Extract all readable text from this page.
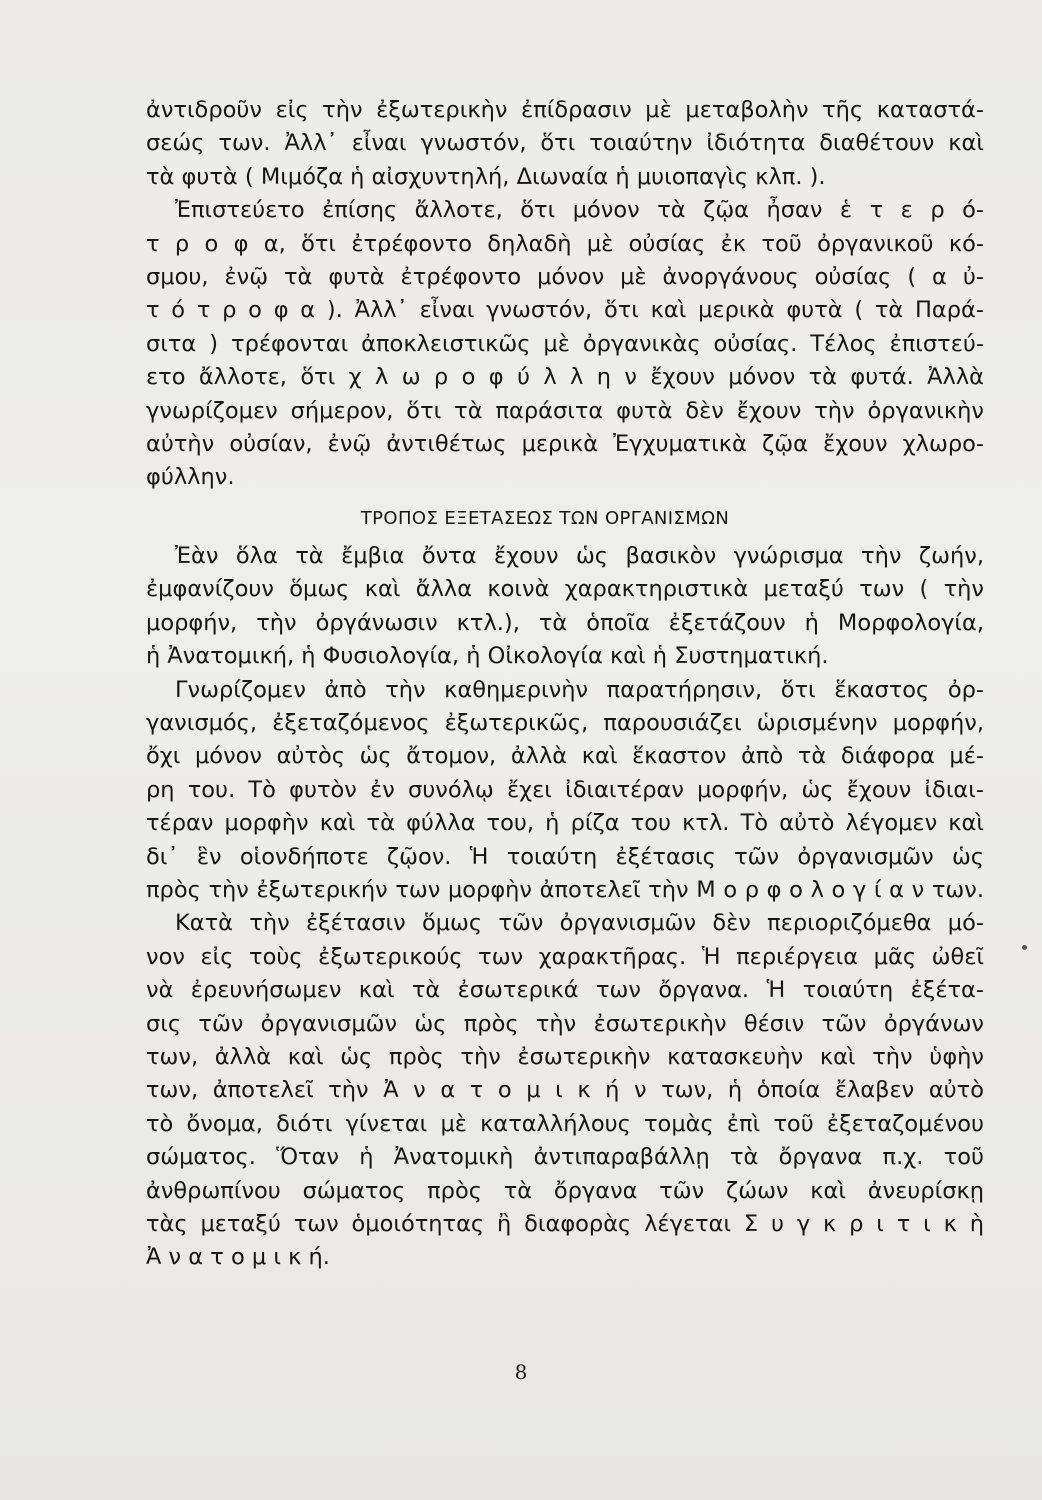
ἀντιδροῦν εἰς τὴν ἐξωτερικὴν ἐπίδρασιν μὲ μεταβολὴν τῆς καταστά-
σεώς των. Ἀλλ᾽ εἶναι γνωστόν, ὅτι τοιαύτην ἰδιότητα διαθέτουν καὶ
τὰ φυτὰ ( Μιμόζα ἡ αἰσχυντηλή, Διωναία ἡ μυιοπαγὶς κλπ. ).
Ἐπιστεύετο ἐπίσης ἄλλοτε, ὅτι μόνον τὰ ζῷα ἦσαν ἑ τ ε ρ ό-
τ ρ ο φ α, ὅτι ἐτρέφοντο δηλαδὴ μὲ οὐσίας ἐκ τοῦ ὀργανικοῦ κό-
σμου, ἐνῷ τὰ φυτὰ ἐτρέφοντο μόνον μὲ ἀνοργάνους οὐσίας ( α ὐ-
τ ό τ ρ ο φ α ). Ἀλλ᾽ εἶναι γνωστόν, ὅτι καὶ μερικὰ φυτὰ ( τὰ Παρά-
σιτα ) τρέφονται ἀποκλειστικῶς μὲ ὀργανικὰς οὐσίας. Τέλος ἐπιστεύ-
ετο ἄλλοτε, ὅτι χ λ ω ρ ο φ ύ λ λ η ν ἔχουν μόνον τὰ φυτά. Ἀλλὰ
γνωρίζομεν σήμερον, ὅτι τὰ παράσιτα φυτὰ δὲν ἔχουν τὴν ὀργανικὴν
αὐτὴν οὐσίαν, ἐνῷ ἀντιθέτως μερικὰ Ἐγχυματικὰ ζῷα ἔχουν χλωρο-
φύλλην.
ΤΡΟΠΟΣ ΕΞΕΤΑΣΕΩΣ ΤΩΝ ΟΡΓΑΝΙΣΜΩΝ
Ἐὰν ὅλα τὰ ἔμβια ὄντα ἔχουν ὡς βασικὸν γνώρισμα τὴν ζωήν,
ἐμφανίζουν ὅμως καὶ ἄλλα κοινὰ χαρακτηριστικὰ μεταξύ των ( τὴν
μορφήν, τὴν ὀργάνωσιν κτλ.), τὰ ὁποῖα ἐξετάζουν ἡ Μορφολογία,
ἡ Ἀνατομική, ἡ Φυσιολογία, ἡ Οἰκολογία καὶ ἡ Συστηματική.
Γνωρίζομεν ἀπὸ τὴν καθημερινὴν παρατήρησιν, ὅτι ἕκαστος ὀρ-
γανισμός, ἐξεταζόμενος ἐξωτερικῶς, παρουσιάζει ὡρισμένην μορφήν,
ὄχι μόνον αὐτὸς ὡς ἄτομον, ἀλλὰ καὶ ἕκαστον ἀπὸ τὰ διάφορα μέ-
ρη του. Τὸ φυτὸν ἐν συνόλῳ ἔχει ἰδιαιτέραν μορφήν, ὡς ἔχουν ἰδιαι-
τέραν μορφὴν καὶ τὰ φύλλα του, ἡ ρίζα του κτλ. Τὸ αὐτὸ λέγομεν καὶ
δι᾽ ἓν οἱονδήποτε ζῷον. Ἡ τοιαύτη ἐξέτασις τῶν ὀργανισμῶν ὡς
πρὸς τὴν ἐξωτερικήν των μορφὴν ἀποτελεῖ τὴν Μ ο ρ φ ο λ ο γ ί α ν των.
Κατὰ τὴν ἐξέτασιν ὅμως τῶν ὀργανισμῶν δὲν περιοριζόμεθα μό-
νον εἰς τοὺς ἐξωτερικούς των χαρακτῆρας. Ἡ περιέργεια μᾶς ὠθεῖ
νὰ ἐρευνήσωμεν καὶ τὰ ἐσωτερικά των ὄργανα. Ἡ τοιαύτη ἐξέτα-
σις τῶν ὀργανισμῶν ὡς πρὸς τὴν ἐσωτερικὴν θέσιν τῶν ὀργάνων
των, ἀλλὰ καὶ ὡς πρὸς τὴν ἐσωτερικὴν κατασκευὴν καὶ τὴν ὑφὴν
των, ἀποτελεῖ τὴν Ἀ ν α τ ο μ ι κ ή ν των, ἡ ὁποία ἔλαβεν αὐτὸ
τὸ ὄνομα, διότι γίνεται μὲ καταλλήλους τομὰς ἐπὶ τοῦ ἐξεταζομένου
σώματος. Ὅταν ἡ Ἀνατομικὴ ἀντιπαραβάλλῃ τὰ ὄργανα π.χ. τοῦ
ἀνθρωπίνου σώματος πρὸς τὰ ὄργανα τῶν ζώων καὶ ἀνευρίσκῃ
τὰς μεταξύ των ὁμοιότητας ἢ διαφορὰς λέγεται Σ υ γ κ ρ ι τ ι κ ὴ
Ἀ ν α τ ο μ ι κ ή.
8
